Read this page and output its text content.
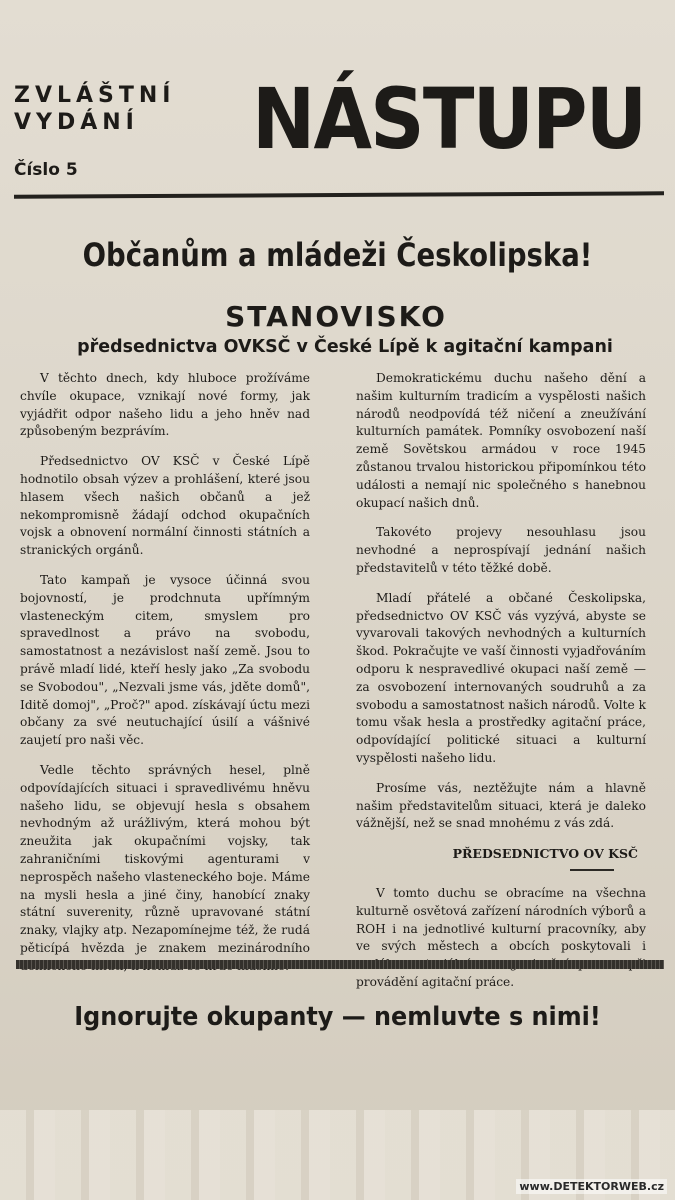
ZVLÁŠTNÍ
VYDÁNÍ
Číslo 5
NÁSTUPU
Občanům a mládeži Českolipska!
STANOVISKO
předsednictva OVKSČ v České Lípě k agitační kampani

V těchto dnech, kdy hluboce prožíváme chvíle okupace, vznikají nové formy, jak vyjádřit odpor našeho lidu a jeho hněv nad způsobeným bezprávím.

Předsednictvo OV KSČ v České Lípě hodnotilo obsah výzev a prohlášení, které jsou hlasem všech našich občanů a jež nekompromisně žádají odchod okupačních vojsk a obnovení normální činnosti státních a stranických orgánů.

Tato kampaň je vysoce účinná svou bojovností, je prodchnuta upřímným vlasteneckým citem, smyslem pro spravedlnost a právo na svobodu, samostatnost a nezávislost naší země. Jsou to právě mladí lidé, kteří hesly jako „Za svobodu se Svobodou", „Nezvali jsme vás, jděte domů", Iditě domoj", „Proč?" apod. získávají úctu mezi občany za své neutuchající úsilí a vášnivé zaujetí pro naši věc.

Vedle těchto správných hesel, plně odpovídajících situaci i spravedlivému hněvu našeho lidu, se objevují hesla s obsahem nevhodným až urážlivým, která mohou být zneužita jak okupačními vojsky, tak zahraničními tiskovými agenturami v neprospěch našeho vlasteneckého boje. Máme na mysli hesla a jiné činy, hanobící znaky státní suverenity, různě upravované státní znaky, vlajky atp. Nezapomínejme též, že rudá pěticípá hvězda je znakem mezinárodního

Demokratickému duchu našeho dění a našim kulturním tradicím a vyspělosti našich národů neodpovídá též ničení a zneužívání kulturních památek. Pomníky osvobození naší země Sovětskou armádou v roce 1945 zůstanou trvalou historickou připomínkou této události a nemají nic společného s hanebnou okupací našich dnů.

Takovéto projevy nesouhlasu jsou nevhodné a neprospívají jednání našich představitelů v této těžké době.

Mladí přátelé a občané Českolipska, předsednictvo OV KSČ vás vyzývá, abyste se vyvarovali takových nevhodných a kulturních škod. Pokračujte ve vaší činnosti vyjadřováním odporu k nespravedlivé okupaci naší země — za osvobození internovaných soudruhů a za svobodu a samostatnost našich národů. Volte k tomu však hesla a prostředky agitační práce, odpovídající politické situaci a kulturní vyspělosti našeho lidu.

Prosíme vás, neztěžujte nám a hlavně našim představitelům situaci, která je daleko vážnější, než se snad mnohému z vás zdá.

PŘEDSEDNICTVO OV KSČ

V tomto duchu se obracíme na všechna kulturně osvětová zařízení národních výborů a ROH i na jednotlivé kulturní pracovníky, aby ve svých městech a obcích poskytovali i provádění agitační práce.

Ignorujte okupanty — nemluvte s nimi!
www.DETEKTORWEB.cz
